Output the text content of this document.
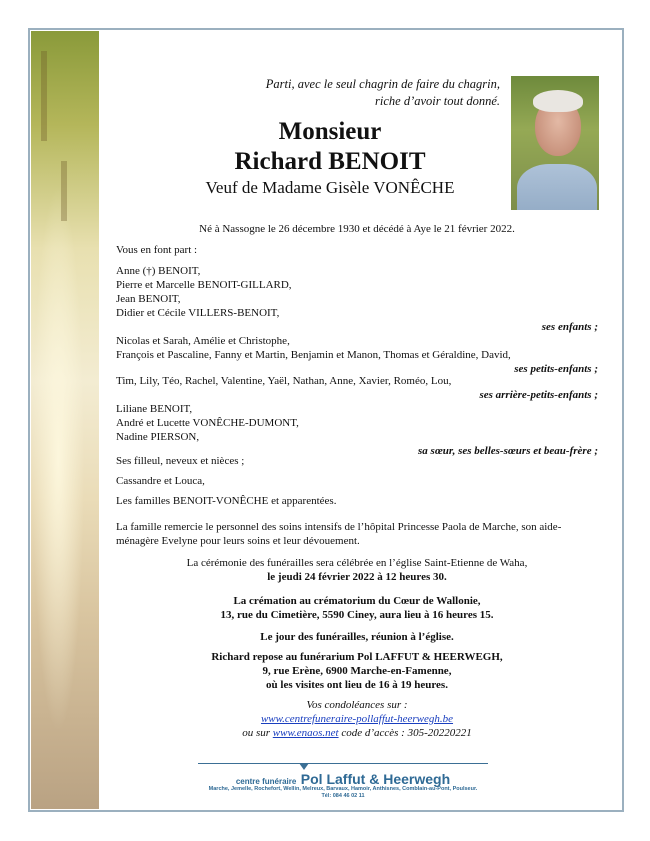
Parti, avec le seul chagrin de faire du chagrin,
riche d’avoir tout donné.
Monsieur
Richard BENOIT
Veuf de Madame Gisèle VONÊCHE
Né à Nassogne le 26 décembre 1930 et décédé à Aye le 21 février 2022.
Vous en font part :
Anne (†) BENOIT,
Pierre et Marcelle BENOIT-GILLARD,
Jean BENOIT,
Didier et Cécile VILLERS-BENOIT,
ses enfants ;
Nicolas et Sarah, Amélie et Christophe,
François et Pascaline, Fanny et Martin, Benjamin et Manon, Thomas et Géraldine, David,
ses petits-enfants ;
Tim, Lily, Téo, Rachel, Valentine, Yaël, Nathan, Anne, Xavier, Roméo, Lou,
ses arrière-petits-enfants ;
Liliane BENOIT,
André et Lucette VONÊCHE-DUMONT,
Nadine PIERSON,
sa sœur, ses belles-sœurs et beau-frère ;
Ses filleul, neveux et nièces ;
Cassandre et Louca,
Les familles BENOIT-VONÊCHE et apparentées.
La famille remercie le personnel des soins intensifs de l’hôpital Princesse Paola de Marche, son aide-
ménagère Evelyne pour leurs soins et leur dévouement.
La cérémonie des funérailles sera célébrée en l’église Saint-Etienne de Waha,
le jeudi 24 février 2022 à 12 heures 30.
La crémation au crématorium du Cœur de Wallonie,
13, rue du Cimetière, 5590 Ciney, aura lieu à 16 heures 15.
Le jour des funérailles, réunion à l’église.
Richard repose au funérarium Pol LAFFUT & HEERWEGH,
9, rue Erène, 6900 Marche-en-Famenne,
où les visites ont lieu de 16 à 19 heures.
Vos condoléances sur :
www.centrefuneraire-pollaffut-heerwegh.be
ou sur www.enaos.net code d’accès : 305-20220221
centre funéraire Pol Laffut & Heerwegh
Marche, Jemelle, Rochefort, Wellin, Melreux, Barvaux, Hamoir, Anthisnes, Comblain-au-Pont, Poulseur.
Tél: 084 46 02 11
